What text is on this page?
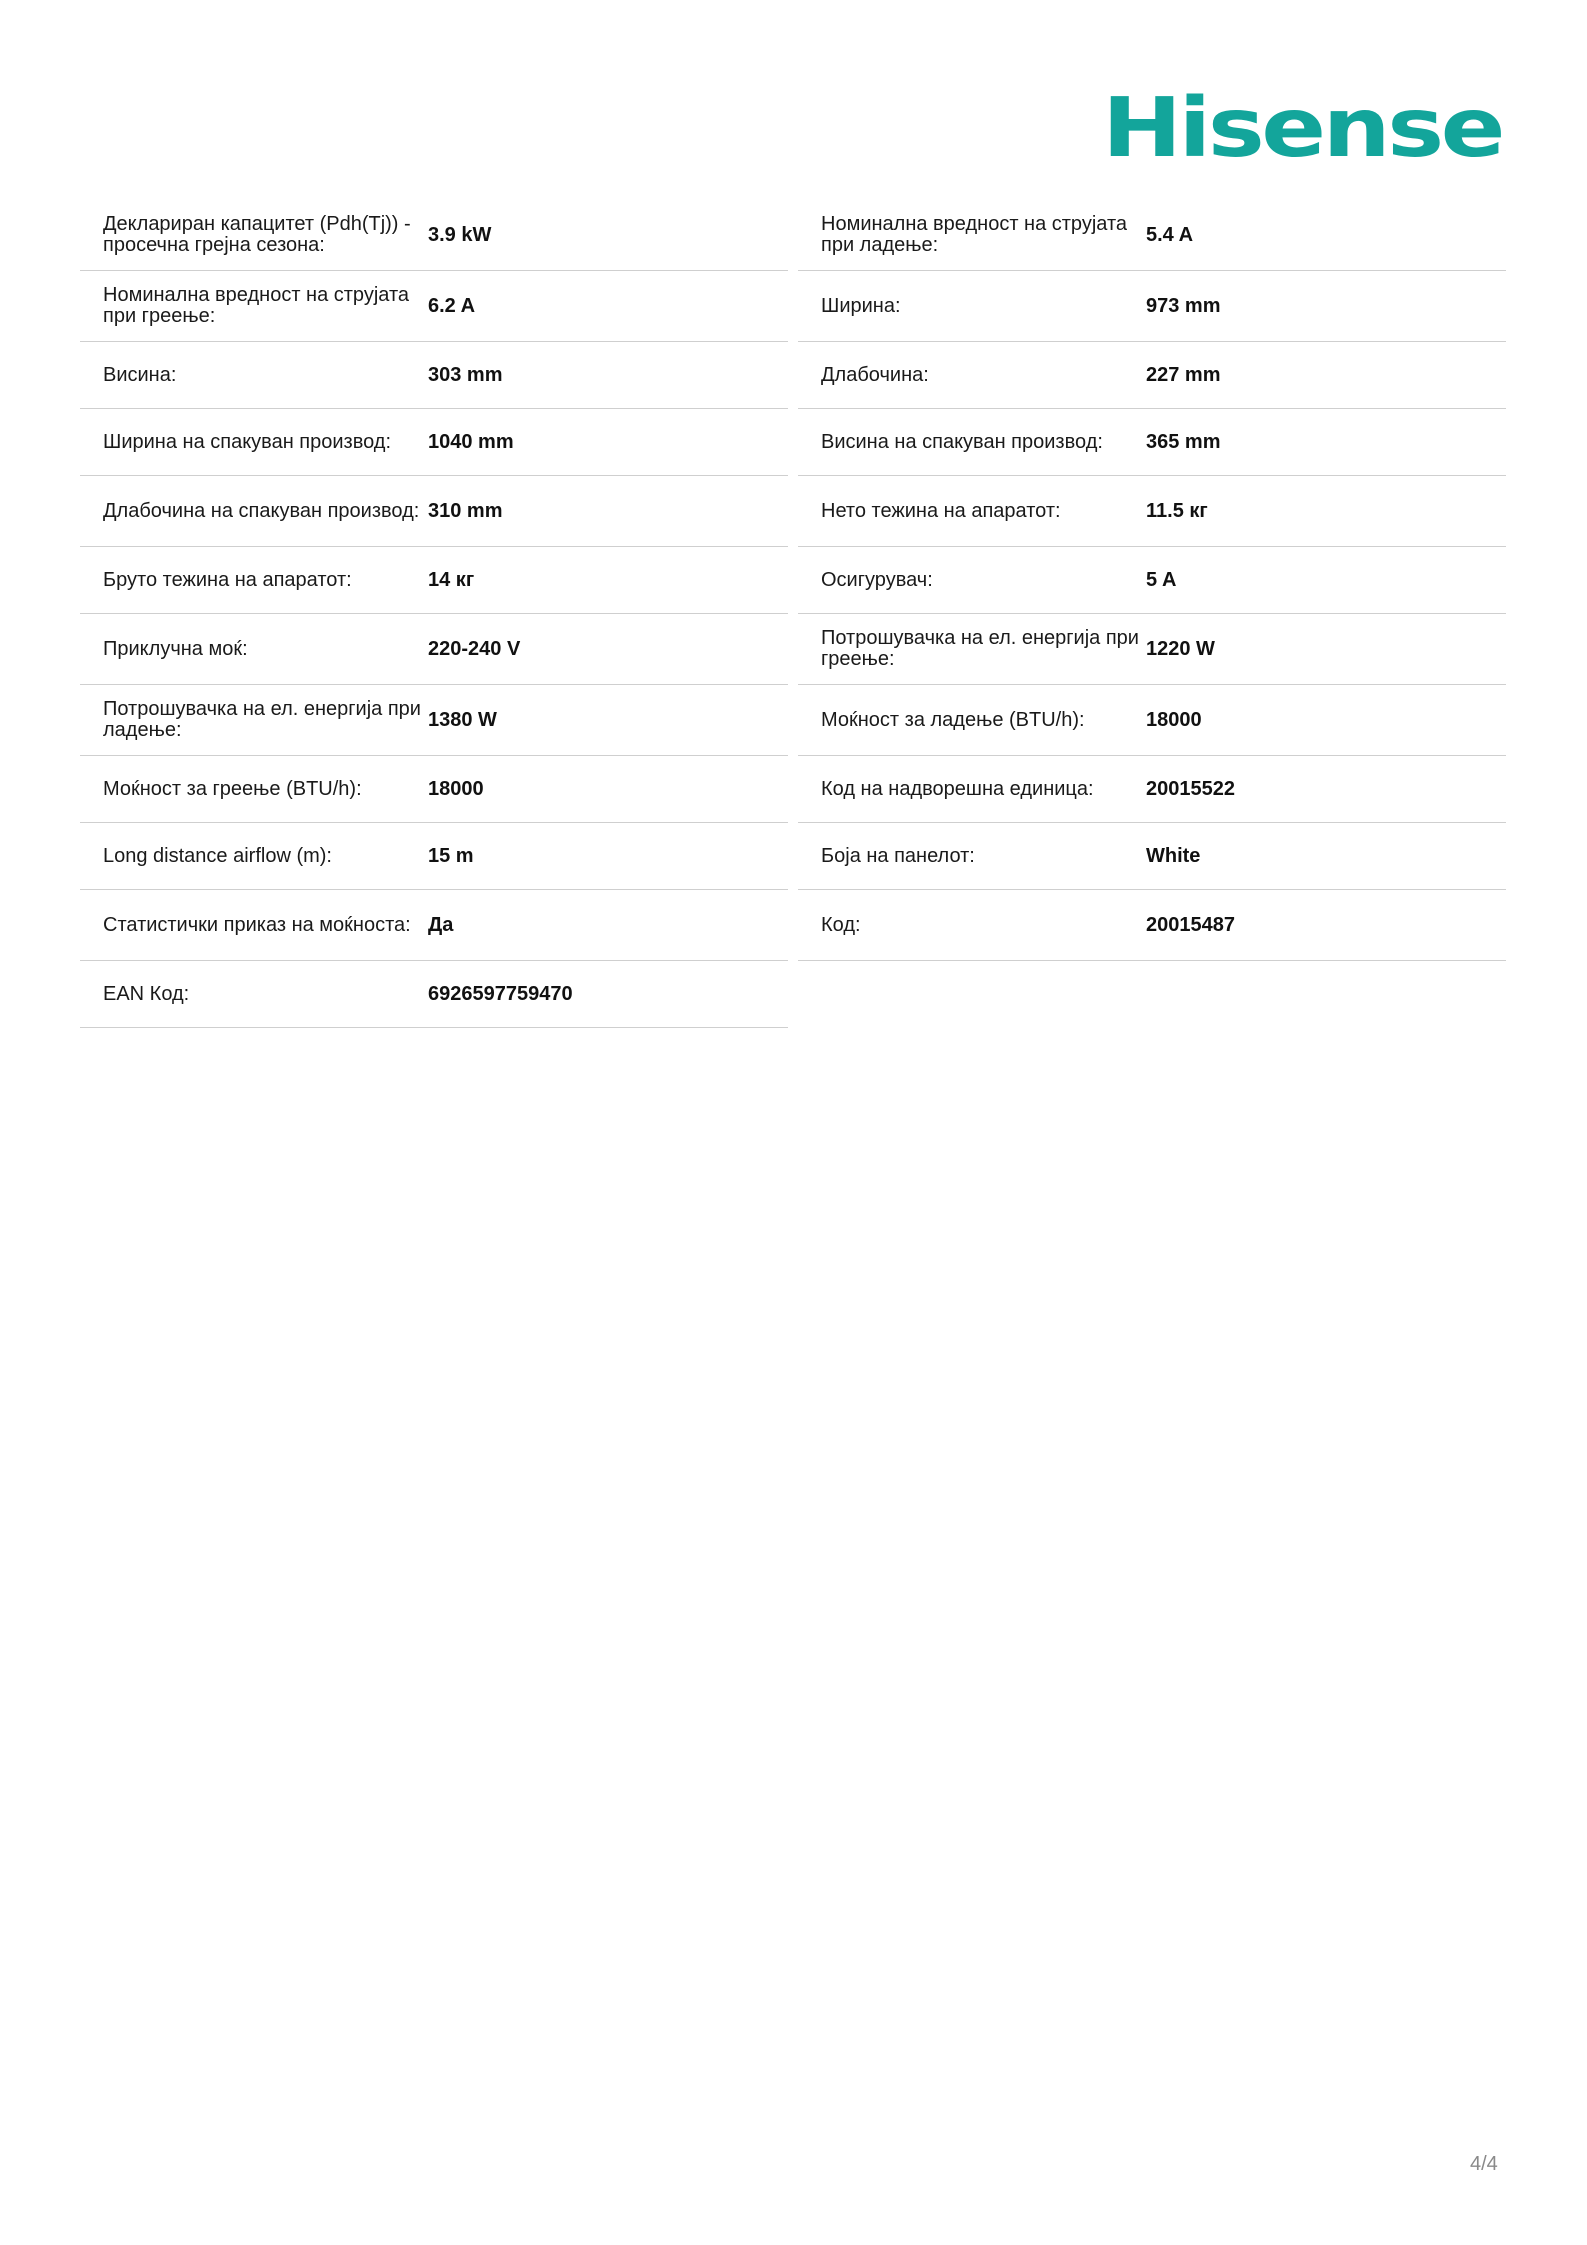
Hisense
Деклариран капацитет (Pdh(Tj)) - просечна грејна сезона:	3.9 kW
Номинална вредност на струјата при греење:	6.2 A
Висина:	303 mm
Ширина на спакуван производ:	1040 mm
Длабочина на спакуван производ: 310 mm
Бруто тежина на апаратот:	14 кг
Приклучна моќ:	220-240 V
Потрошувачка на ел. енергија при ладење:	1380 W
Моќност за греење (BTU/h):	18000
Long distance airflow (m):	15 m
Статистички приказ на моќноста: Да
EAN Код:	6926597759470
Номинална вредност на струјата при ладење:	5.4 A
Ширина:	973 mm
Длабочина:	227 mm
Висина на спакуван производ:	365 mm
Нето тежина на апаратот:	11.5 кг
Осигурувач:	5 A
Потрошувачка на ел. енергија при греење:	1220 W
Моќност за ладење (BTU/h):	18000
Код на надворешна единица:	20015522
Боја на панелот:	White
Код:	20015487
4/4
